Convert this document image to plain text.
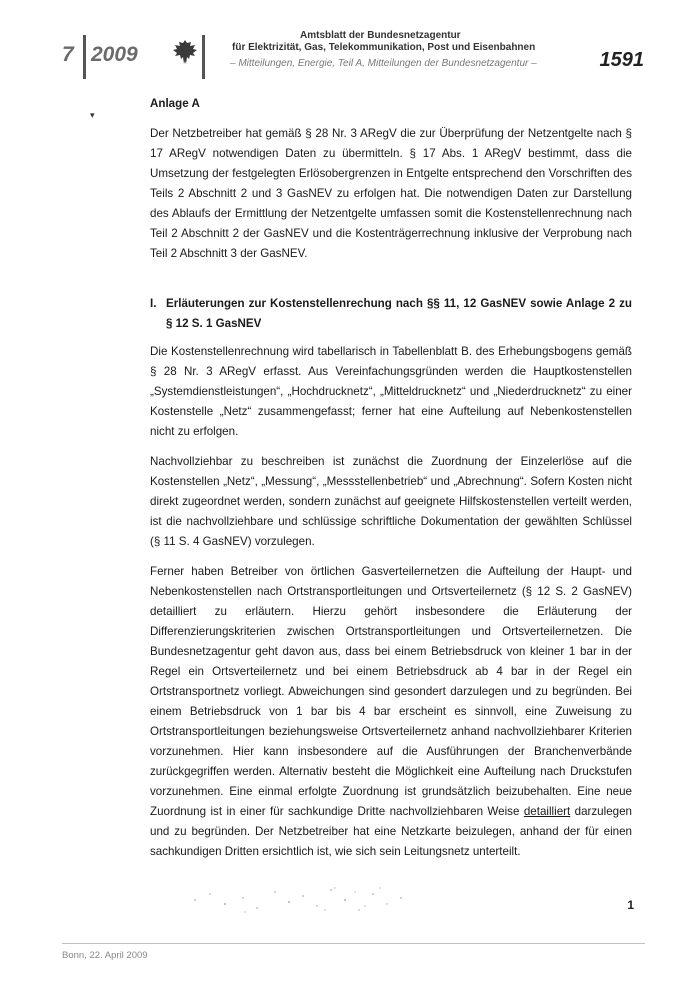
7 2009
Amtsblatt der Bundesnetzagentur
für Elektrizität, Gas, Telekommunikation, Post und Eisenbahnen
– Mitteilungen, Energie, Teil A, Mitteilungen der Bundesnetzagentur –	1591
▾
Anlage A

Der Netzbetreiber hat gemäß § 28 Nr. 3 ARegV die zur Überprüfung der Netzentgelte nach § 17 ARegV notwendigen Daten zu übermitteln. § 17 Abs. 1 ARegV bestimmt, dass die Umsetzung der festgelegten Erlösobergrenzen in Entgelte entsprechend den Vorschriften des Teils 2 Abschnitt 2 und 3 GasNEV zu erfolgen hat. Die notwendigen Daten zur Darstellung des Ablaufs der Ermittlung der Netzentgelte umfassen somit die Kostenstellenrechnung nach Teil 2 Abschnitt 2 der GasNEV und die Kostenträgerrechnung inklusive der Verprobung nach Teil 2 Abschnitt 3 der GasNEV.

I. Erläuterungen zur Kostenstellenrechung nach §§ 11, 12 GasNEV sowie Anlage 2 zu § 12 S. 1 GasNEV

Die Kostenstellenrechnung wird tabellarisch in Tabellenblatt B. des Erhebungsbogens gemäß § 28 Nr. 3 ARegV erfasst. Aus Vereinfachungsgründen werden die Hauptkostenstellen „Systemdienstleistungen“, „Hochdrucknetz“, „Mitteldrucknetz“ und „Niederdrucknetz“ zu einer Kostenstelle „Netz“ zusammengefasst; ferner hat eine Aufteilung auf Nebenkostenstellen nicht zu erfolgen.

Nachvollziehbar zu beschreiben ist zunächst die Zuordnung der Einzelerlöse auf die Kostenstellen „Netz“, „Messung“, „Messstellenbetrieb“ und „Abrechnung“. Sofern Kosten nicht direkt zugeordnet werden, sondern zunächst auf geeignete Hilfskostenstellen verteilt werden, ist die nachvollziehbare und schlüssige schriftliche Dokumentation der gewählten Schlüssel (§ 11 S. 4 GasNEV) vorzulegen.

Ferner haben Betreiber von örtlichen Gasverteilernetzen die Aufteilung der Haupt- und Nebenkostenstellen nach Ortstransportleitungen und Ortsverteilernetz (§ 12 S. 2 GasNEV) detailliert zu erläutern. Hierzu gehört insbesondere die Erläuterung der Differenzierungskriterien zwischen Ortstransportleitungen und Ortsverteilernetzen. Die Bundesnetzagentur geht davon aus, dass bei einem Betriebsdruck von kleiner 1 bar in der Regel ein Ortsverteilernetz und bei einem Betriebsdruck ab 4 bar in der Regel ein Ortstransportnetz vorliegt. Abweichungen sind gesondert darzulegen und zu begründen. Bei einem Betriebsdruck von 1 bar bis 4 bar erscheint es sinnvoll, eine Zuweisung zu Ortstransportleitungen beziehungsweise Ortsverteilernetz anhand nachvollziehbarer Kriterien vorzunehmen. Hier kann insbesondere auf die Ausführungen der Branchenverbände zurückgegriffen werden. Alternativ besteht die Möglichkeit eine Aufteilung nach Druckstufen vorzunehmen. Eine einmal erfolgte Zuordnung ist grundsätzlich beizubehalten. Eine neue Zuordnung ist in einer für sachkundige Dritte nachvollziehbaren Weise detailliert darzulegen und zu begründen. Der Netzbetreiber hat eine Netzkarte beizulegen, anhand der für einen sachkundigen Dritten ersichtlich ist, wie sich sein Leitungsnetz unterteilt.

1
Bonn, 22. April 2009
